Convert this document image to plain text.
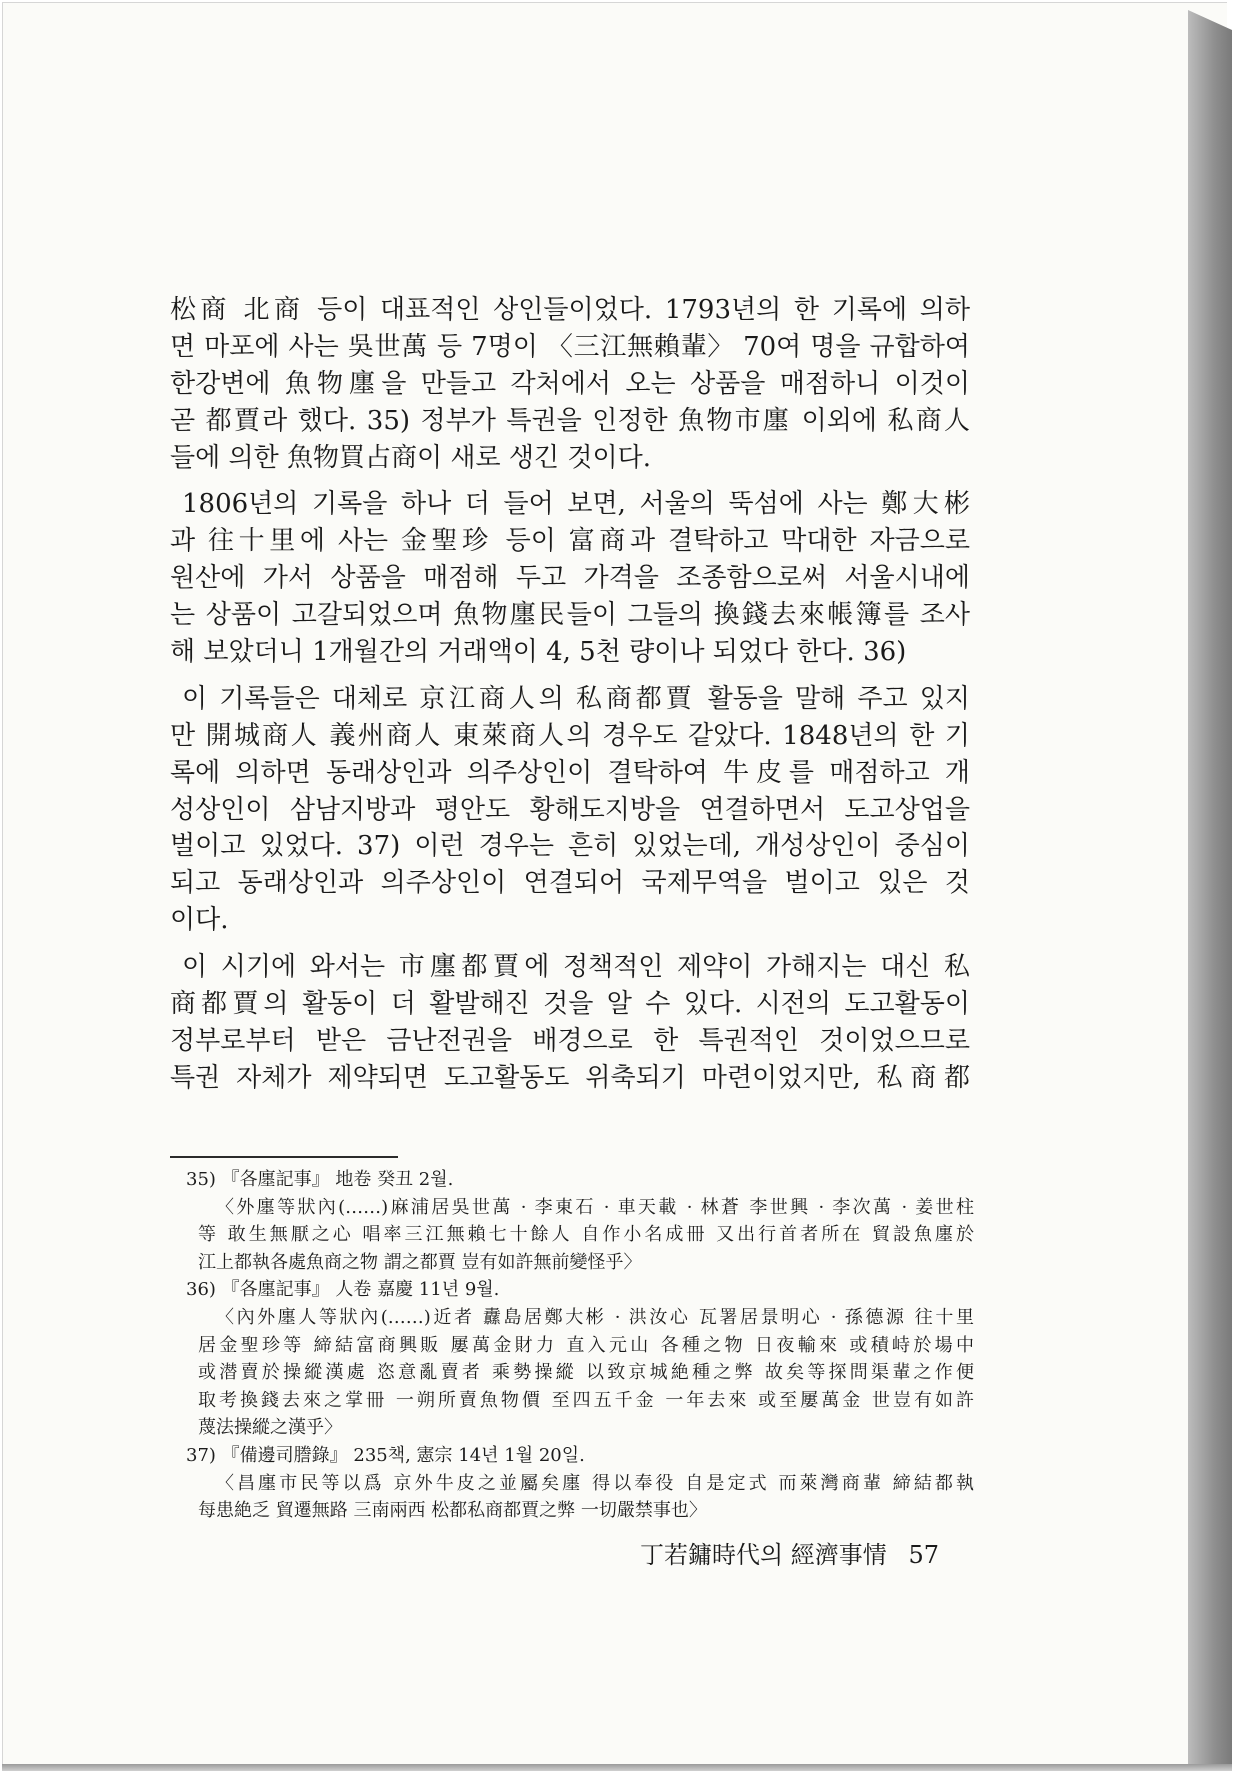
松商 北商 등이 대표적인 상인들이었다. 1793년의 한 기록에 의하
면 마포에 사는 吳世萬 등 7명이 〈三江無賴輩〉 70여 명을 규합하여
한강변에 魚物廛을 만들고 각처에서 오는 상품을 매점하니 이것이
곧 都賈라 했다. 35) 정부가 특권을 인정한 魚物市廛 이외에 私商人
들에 의한 魚物買占商이 새로 생긴 것이다.
1806년의 기록을 하나 더 들어 보면, 서울의 뚝섬에 사는 鄭大彬
과 往十里에 사는 金聖珍 등이 富商과 결탁하고 막대한 자금으로
원산에 가서 상품을 매점해 두고 가격을 조종함으로써 서울시내에
는 상품이 고갈되었으며 魚物廛民들이 그들의 換錢去來帳簿를 조사
해 보았더니 1개월간의 거래액이 4, 5천 량이나 되었다 한다. 36)
이 기록들은 대체로 京江商人의 私商都賈 활동을 말해 주고 있지
만 開城商人 義州商人 東萊商人의 경우도 같았다. 1848년의 한 기
록에 의하면 동래상인과 의주상인이 결탁하여 牛皮를 매점하고 개
성상인이 삼남지방과 평안도 황해도지방을 연결하면서 도고상업을
벌이고 있었다. 37) 이런 경우는 흔히 있었는데, 개성상인이 중심이
되고 동래상인과 의주상인이 연결되어 국제무역을 벌이고 있은 것
이다.
이 시기에 와서는 市廛都賈에 정책적인 제약이 가해지는 대신 私
商都賈의 활동이 더 활발해진 것을 알 수 있다. 시전의 도고활동이
정부로부터 받은 금난전권을 배경으로 한 특권적인 것이었으므로
특권 자체가 제약되면 도고활동도 위축되기 마련이었지만, 私商都
35) 『各廛記事』 地卷 癸丑 2월.
〈外廛等狀內(……)麻浦居吳世萬 · 李東石 · 車天載 · 林蒼 李世興 · 李次萬 · 姜世柱
等 敢生無厭之心 唱率三江無賴七十餘人 自作小名成冊 又出行首者所在 貿設魚廛於
江上都執各處魚商之物 謂之都賈 豈有如許無前變怪乎〉
36) 『各廛記事』 人卷 嘉慶 11년 9월.
〈內外廛人等狀內(……)近者 纛島居鄭大彬 · 洪汝心 瓦署居景明心 · 孫德源 往十里
居金聖珍等 締結富商興販 屢萬金財力 直入元山 各種之物 日夜輸來 或積峙於場中
或潜賣於操縱漢處 恣意亂賣者 乘勢操縱 以致京城絶種之弊 故矣等探問渠輩之作便
取考換錢去來之掌冊 一朔所賣魚物價 至四五千金 一年去來 或至屢萬金 世豈有如許
蔑法操縱之漢乎〉
37) 『備邊司謄錄』 235책, 憲宗 14년 1월 20일.
〈昌廛市民等以爲 京外牛皮之並屬矣廛 得以奉役 自是定式 而萊灣商輩 締結都執
每患絶乏 貿遷無路 三南兩西 松都私商都賈之弊 一切嚴禁事也〉
丁若鏞時代의 經濟事情 57
